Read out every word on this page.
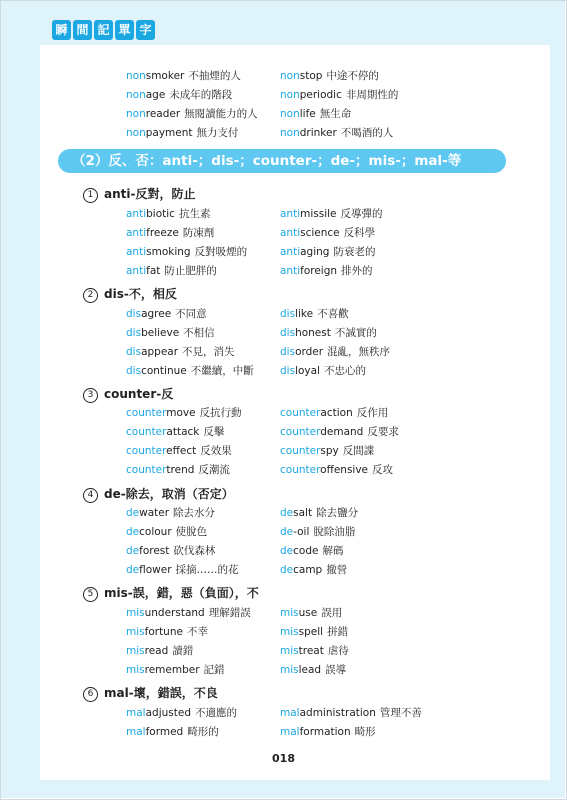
瞬 間 記 單 字
nonsmoker 不抽煙的人	nonstop 中途不停的
nonage 未成年的階段	nonperiodic 非周期性的
nonreader 無閱讀能力的人 nonlife 無生命
nonpayment 無力支付	nondrinker 不喝酒的人
（2）反、否：anti-；dis-；counter-；de-；mis-；mal-等
1 anti-反對，防止
antibiotic 抗生素	antimissile 反導彈的
antifreeze 防凍劑	antiscience 反科學
antismoking 反對吸煙的	antiaging 防衰老的
antifat 防止肥胖的	antiforeign 排外的
2 dis-不，相反
disagree 不同意	dislike 不喜歡
disbelieve 不相信	dishonest 不誠實的
disappear 不見，消失	disorder 混亂，無秩序
discontinue 不繼續，中斷	disloyal 不忠心的
3 counter-反
countermove 反抗行動	counteraction 反作用
counterattack 反擊	counterdemand 反要求
countereffect 反效果	counterspy 反間諜
countertrend 反潮流	counteroffensive 反攻
4 de-除去，取消（否定）
dewater 除去水分	desalt 除去鹽分
decolour 使脫色	de-oil 脫除油脂
deforest 砍伐森林	decode 解碼
deflower 採摘……的花	decamp 撤營
5 mis-誤，錯，惡（負面），不
misunderstand 理解錯誤	misuse 誤用
misfortune 不幸	misspell 拼錯
misread 讀錯	mistreat 虐待
misremember 記錯	mislead 誤導
6 mal-壞，錯誤，不良
maladjusted 不適應的	maladministration 管理不善
malformed 畸形的	malformation 畸形
018
